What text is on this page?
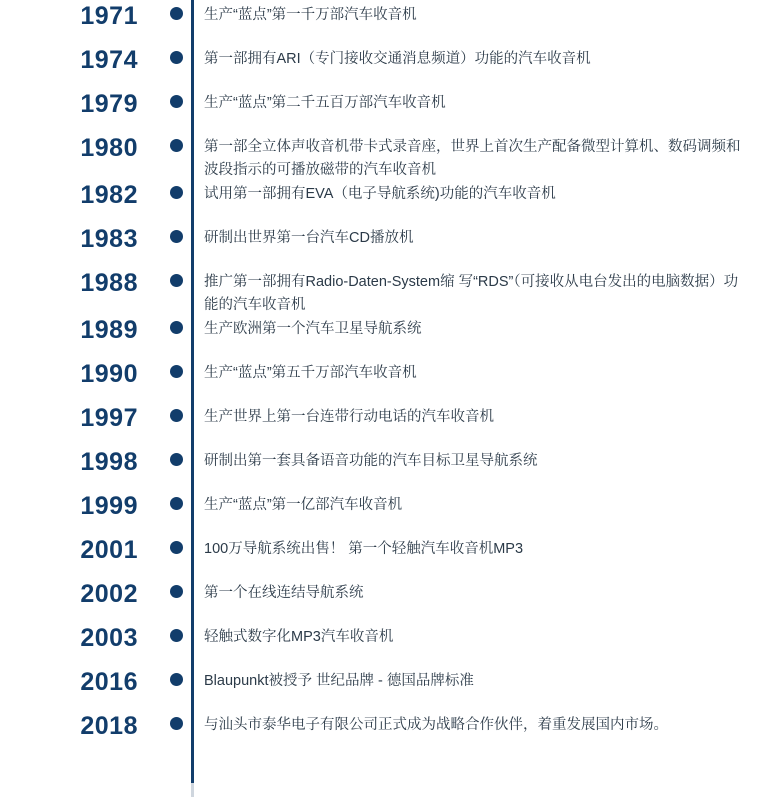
1971	生产“蓝点”第一千万部汽车收音机
1974	第一部拥有ARI（专门接收交通消息频道）功能的汽车收音机
1979	生产“蓝点”第二千五百万部汽车收音机
1980	第一部全立体声收音机带卡式录音座，世界上首次生产配备微型计算机、数码调频和波段指示的可播放磁带的汽车收音机
1982	试用第一部拥有EVA（电子导航系统)功能的汽车收音机
1983	研制出世界第一台汽车CD播放机
1988	推广第一部拥有Radio-Daten-System缩 写“RDS”（可接收从电台发出的电脑数据）功能的汽车收音机
1989	生产欧洲第一个汽车卫星导航系统
1990	生产“蓝点”第五千万部汽车收音机
1997	生产世界上第一台连带行动电话的汽车收音机
1998	研制出第一套具备语音功能的汽车目标卫星导航系统
1999	生产“蓝点”第一亿部汽车收音机
2001	100万导航系统出售！ 第一个轻触汽车收音机MP3
2002	第一个在线连结导航系统
2003	轻触式数字化MP3汽车收音机
2016	Blaupunkt被授予 世纪品牌 - 德国品牌标准
2018	与汕头市泰华电子有限公司正式成为战略合作伙伴，着重发展国内市场。
